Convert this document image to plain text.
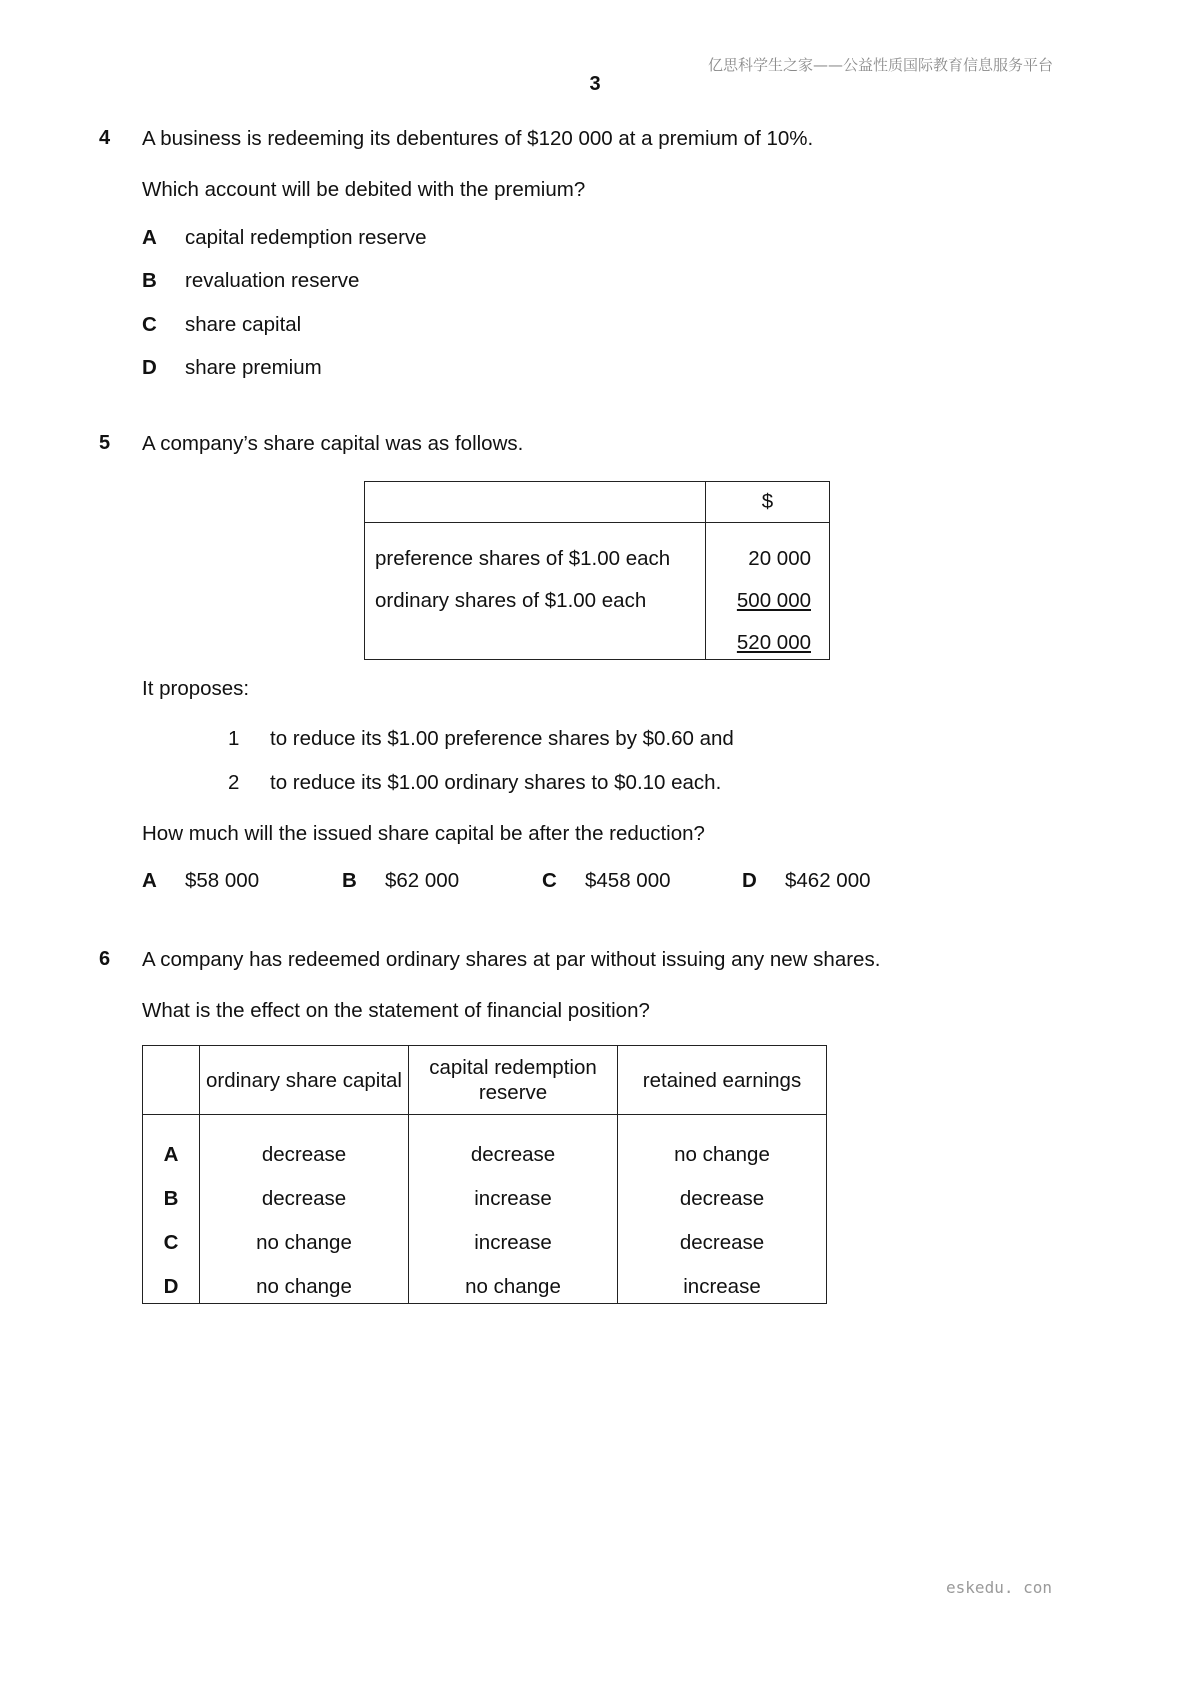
亿思科学生之家——公益性质国际教育信息服务平台
3
4 A business is redeeming its debentures of $120 000 at a premium of 10%.
Which account will be debited with the premium?
A capital redemption reserve
B revaluation reserve
C share capital
D share premium
5 A company’s share capital was as follows.
	$
preference shares of $1.00 each	20 000
ordinary shares of $1.00 each	500 000
	520 000
It proposes:
1 to reduce its $1.00 preference shares by $0.60 and
2 to reduce its $1.00 ordinary shares to $0.10 each.
How much will the issued share capital be after the reduction?
A $58 000	B $62 000	C $458 000	D $462 000
6 A company has redeemed ordinary shares at par without issuing any new shares.
What is the effect on the statement of financial position?
	ordinary share capital	capital redemption reserve	retained earnings
A	decrease	decrease	no change
B	decrease	increase	decrease
C	no change	increase	decrease
D	no change	no change	increase
eskedu. con
